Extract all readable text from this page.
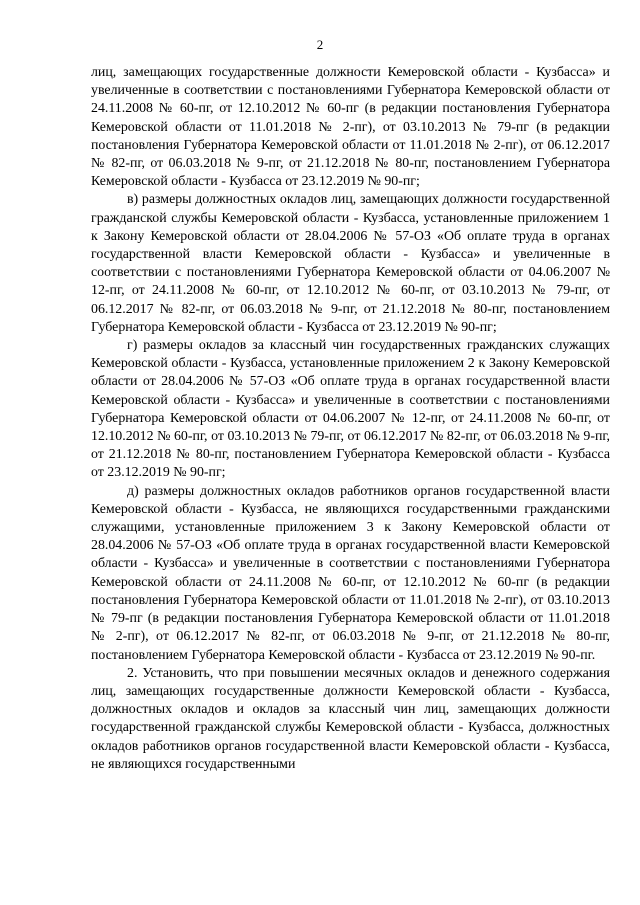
2

лиц, замещающих государственные должности Кемеровской области - Кузбасса» и увеличенные в соответствии с постановлениями Губернатора Кемеровской области от 24.11.2008 № 60-пг, от 12.10.2012 № 60-пг (в редакции постановления Губернатора Кемеровской области от 11.01.2018 № 2-пг), от 03.10.2013 № 79-пг (в редакции постановления Губернатора Кемеровской области от 11.01.2018 № 2-пг), от 06.12.2017 № 82-пг, от 06.03.2018 № 9-пг, от 21.12.2018 № 80-пг, постановлением Губернатора Кемеровской области - Кузбасса от 23.12.2019 № 90-пг;

в) размеры должностных окладов лиц, замещающих должности государственной гражданской службы Кемеровской области - Кузбасса, установленные приложением 1 к Закону Кемеровской области от 28.04.2006 № 57-ОЗ «Об оплате труда в органах государственной власти Кемеровской области - Кузбасса» и увеличенные в соответствии с постановлениями Губернатора Кемеровской области от 04.06.2007 № 12-пг, от 24.11.2008 № 60-пг, от 12.10.2012 № 60-пг, от 03.10.2013 № 79-пг, от 06.12.2017 № 82-пг, от 06.03.2018 № 9-пг, от 21.12.2018 № 80-пг, постановлением Губернатора Кемеровской области - Кузбасса от 23.12.2019 № 90-пг;

г) размеры окладов за классный чин государственных гражданских служащих Кемеровской области - Кузбасса, установленные приложением 2 к Закону Кемеровской области от 28.04.2006 № 57-ОЗ «Об оплате труда в органах государственной власти Кемеровской области - Кузбасса» и увеличенные в соответствии с постановлениями Губернатора Кемеровской области от 04.06.2007 № 12-пг, от 24.11.2008 № 60-пг, от 12.10.2012 № 60-пг, от 03.10.2013 № 79-пг, от 06.12.2017 № 82-пг, от 06.03.2018 № 9-пг, от 21.12.2018 № 80-пг, постановлением Губернатора Кемеровской области - Кузбасса от 23.12.2019 № 90-пг;

д) размеры должностных окладов работников органов государственной власти Кемеровской области - Кузбасса, не являющихся государственными гражданскими служащими, установленные приложением 3 к Закону Кемеровской области от 28.04.2006 № 57-ОЗ «Об оплате труда в органах государственной власти Кемеровской области - Кузбасса» и увеличенные в соответствии с постановлениями Губернатора Кемеровской области от 24.11.2008 № 60-пг, от 12.10.2012 № 60-пг (в редакции постановления Губернатора Кемеровской области от 11.01.2018 № 2-пг), от 03.10.2013 № 79-пг (в редакции постановления Губернатора Кемеровской области от 11.01.2018 № 2-пг), от 06.12.2017 № 82-пг, от 06.03.2018 № 9-пг, от 21.12.2018 № 80-пг, постановлением Губернатора Кемеровской области - Кузбасса от 23.12.2019 № 90-пг.

2. Установить, что при повышении месячных окладов и денежного содержания лиц, замещающих государственные должности Кемеровской области - Кузбасса, должностных окладов и окладов за классный чин лиц, замещающих должности государственной гражданской службы Кемеровской области - Кузбасса, должностных окладов работников органов государственной власти Кемеровской области - Кузбасса, не являющихся государственными
